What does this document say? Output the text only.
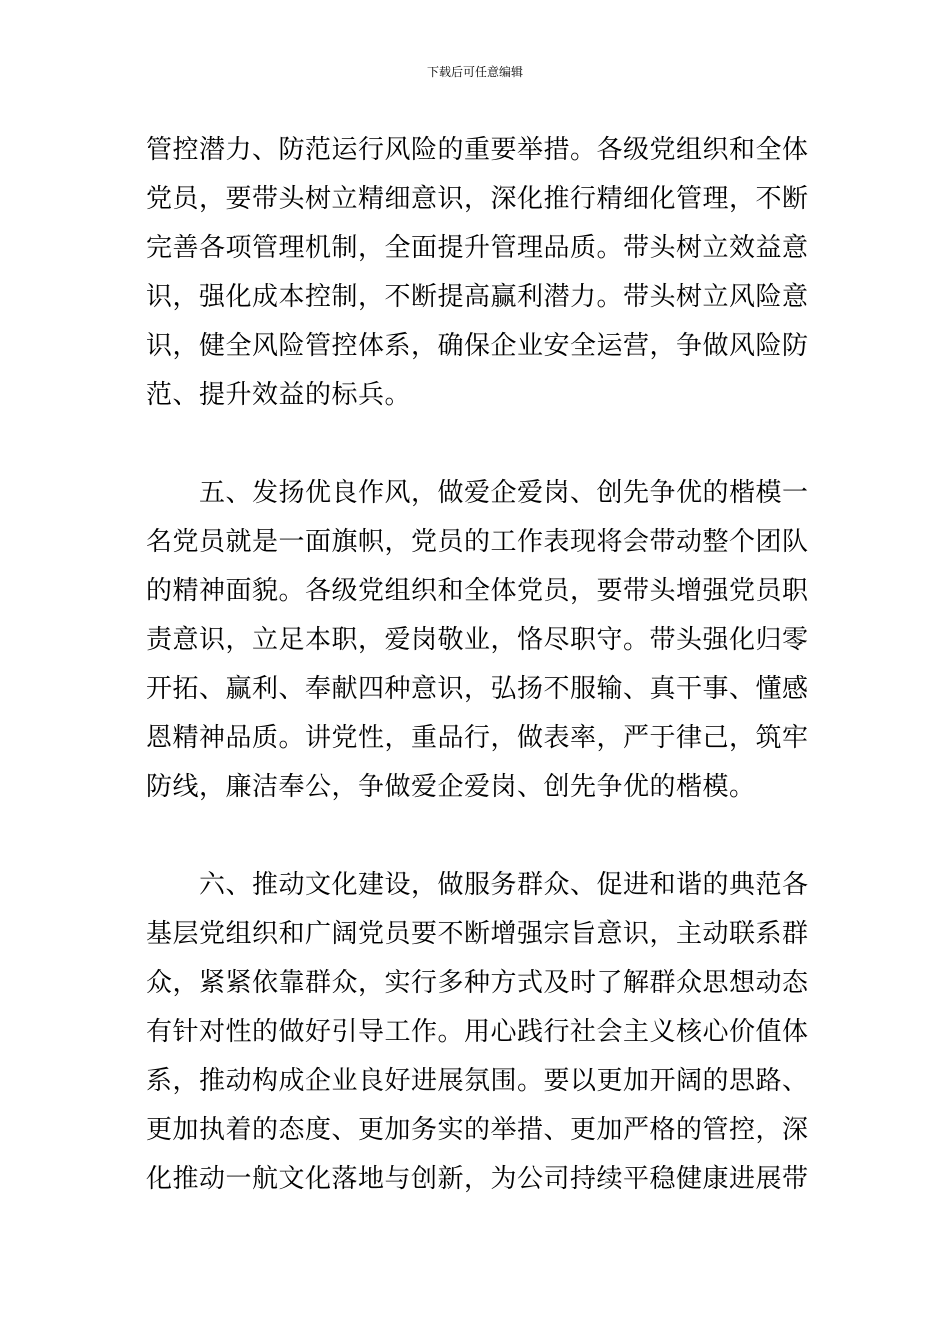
下载后可任意编辑
管控潜力、防范运行风险的重要举措。各级党组织和全体
党员，要带头树立精细意识，深化推行精细化管理，不断
完善各项管理机制，全面提升管理品质。带头树立效益意
识，强化成本控制，不断提高赢利潜力。带头树立风险意
识，健全风险管控体系，确保企业安全运营，争做风险防
范、提升效益的标兵。
　　五、发扬优良作风，做爱企爱岗、创先争优的楷模一
名党员就是一面旗帜，党员的工作表现将会带动整个团队
的精神面貌。各级党组织和全体党员，要带头增强党员职
责意识，立足本职，爱岗敬业，恪尽职守。带头强化归零
开拓、赢利、奉献四种意识，弘扬不服输、真干事、懂感
恩精神品质。讲党性，重品行，做表率，严于律己，筑牢
防线，廉洁奉公，争做爱企爱岗、创先争优的楷模。
　　六、推动文化建设，做服务群众、促进和谐的典范各
基层党组织和广阔党员要不断增强宗旨意识，主动联系群
众，紧紧依靠群众，实行多种方式及时了解群众思想动态
有针对性的做好引导工作。用心践行社会主义核心价值体
系，推动构成企业良好进展氛围。要以更加开阔的思路、
更加执着的态度、更加务实的举措、更加严格的管控，深
化推动一航文化落地与创新，为公司持续平稳健康进展带
